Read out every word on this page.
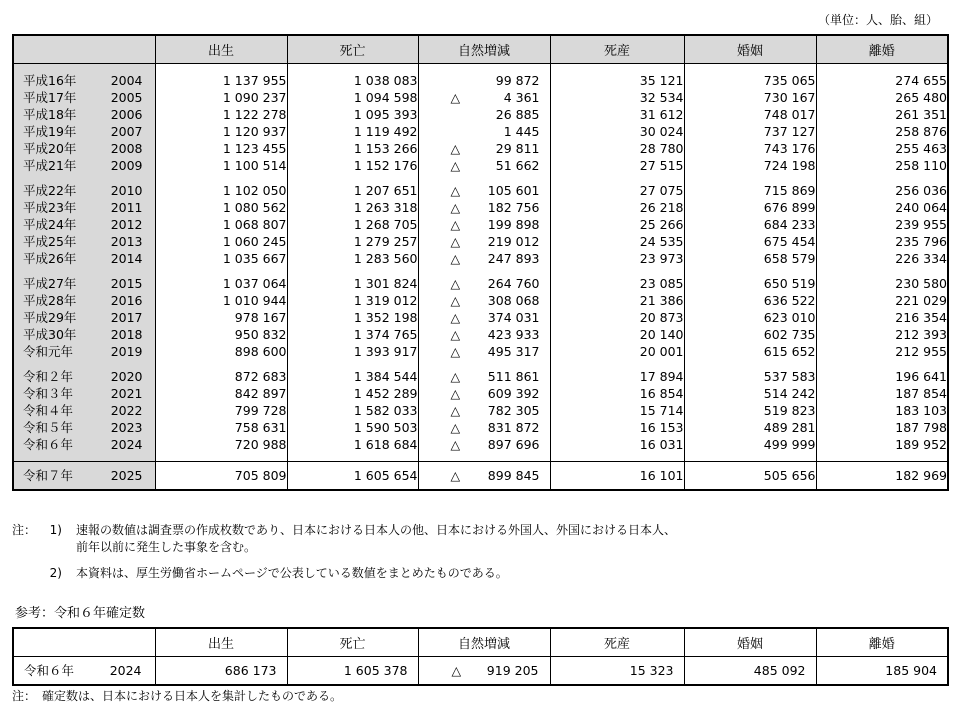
（単位：人、胎、組）
	出生	死亡	自然増減	死産	婚姻	離婚

平成16年 2004	1 137 955	1 038 083	99 872	35 121	735 065	274 655

平成17年 2005	1 090 237	1 094 598	△ 4 361	32 534	730 167	265 480

平成18年 2006	1 122 278	1 095 393	26 885	31 612	748 017	261 351

平成19年 2007	1 120 937	1 119 492	1 445	30 024	737 127	258 876

平成20年 2008	1 123 455	1 153 266	△ 29 811	28 780	743 176	255 463

平成21年 2009	1 100 514	1 152 176	△ 51 662	27 515	724 198	258 110

平成22年 2010	1 102 050	1 207 651	△ 105 601	27 075	715 869	256 036

平成23年 2011	1 080 562	1 263 318	△ 182 756	26 218	676 899	240 064

平成24年 2012	1 068 807	1 268 705	△ 199 898	25 266	684 233	239 955

平成25年 2013	1 060 245	1 279 257	△ 219 012	24 535	675 454	235 796

平成26年 2014	1 035 667	1 283 560	△ 247 893	23 973	658 579	226 334

平成27年 2015	1 037 064	1 301 824	△ 264 760	23 085	650 519	230 580

平成28年 2016	1 010 944	1 319 012	△ 308 068	21 386	636 522	221 029

平成29年 2017	978 167	1 352 198	△ 374 031	20 873	623 010	216 354

平成30年 2018	950 832	1 374 765	△ 423 933	20 140	602 735	212 393

令和元年 2019	898 600	1 393 917	△ 495 317	20 001	615 652	212 955

令和２年 2020	872 683	1 384 544	△ 511 861	17 894	537 583	196 641

令和３年 2021	842 897	1 452 289	△ 609 392	16 854	514 242	187 854

令和４年 2022	799 728	1 582 033	△ 782 305	15 714	519 823	183 103

令和５年 2023	758 631	1 590 503	△ 831 872	16 153	489 281	187 798

令和６年 2024	720 988	1 618 684	△ 897 696	16 031	499 999	189 952

令和７年 2025	705 809	1 605 654	△ 899 845	16 101	505 656	182 969
注：	1)	速報の数値は調査票の作成枚数であり、日本における日本人の他、日本における外国人、外国における日本人、
前年以前に発生した事象を含む。
2)	本資料は、厚生労働省ホームページで公表している数値をまとめたものである。
参考：令和６年確定数
	出生	死亡	自然増減	死産	婚姻	離婚

令和６年 2024	686 173	1 605 378	△ 919 205	15 323	485 092	185 904
注：　確定数は、日本における日本人を集計したものである。
